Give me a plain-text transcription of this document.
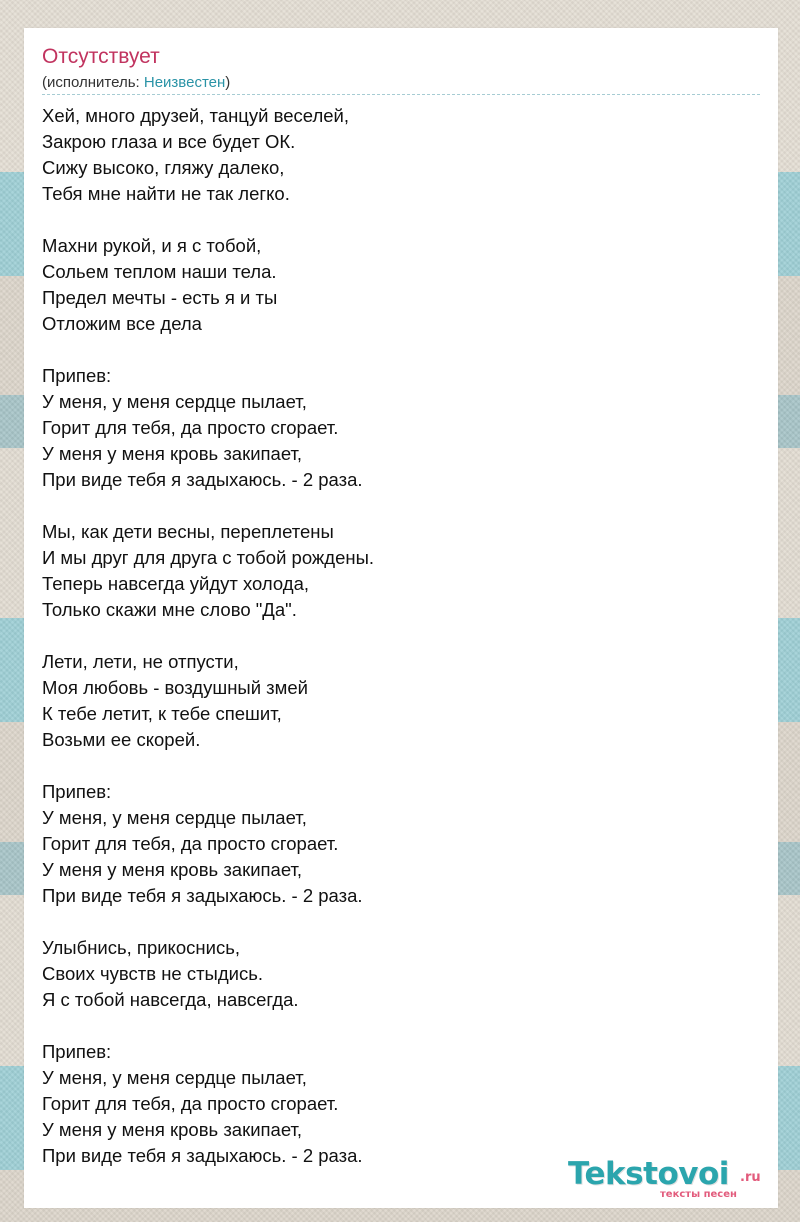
Отсутствует
(исполнитель: Неизвестен)
Хей, много друзей, танцуй веселей,
Закрою глаза и все будет ОК.
Сижу высоко, гляжу далеко,
Тебя мне найти не так легко.

Махни рукой, и я с тобой,
Сольем теплом наши тела.
Предел мечты - есть я и ты
Отложим все дела

Припев:
У меня, у меня сердце пылает,
Горит для тебя, да просто сгорает.
У меня у меня кровь закипает,
При виде тебя я задыхаюсь. - 2 раза.

Мы, как дети весны, переплетены
И мы друг для друга с тобой рождены.
Теперь навсегда уйдут холода,
Только скажи мне слово "Да".

Лети, лети, не отпусти,
Моя любовь - воздушный змей
К тебе летит, к тебе спешит,
Возьми ее скорей.

Припев:
У меня, у меня сердце пылает,
Горит для тебя, да просто сгорает.
У меня у меня кровь закипает,
При виде тебя я задыхаюсь. - 2 раза.

Улыбнись, прикоснись,
Своих чувств не стыдись.
Я с тобой навсегда, навсегда.

Припев:
У меня, у меня сердце пылает,
Горит для тебя, да просто сгорает.
У меня у меня кровь закипает,
При виде тебя я задыхаюсь. - 2 раза.
Tekstovoi .ru
тексты песен
